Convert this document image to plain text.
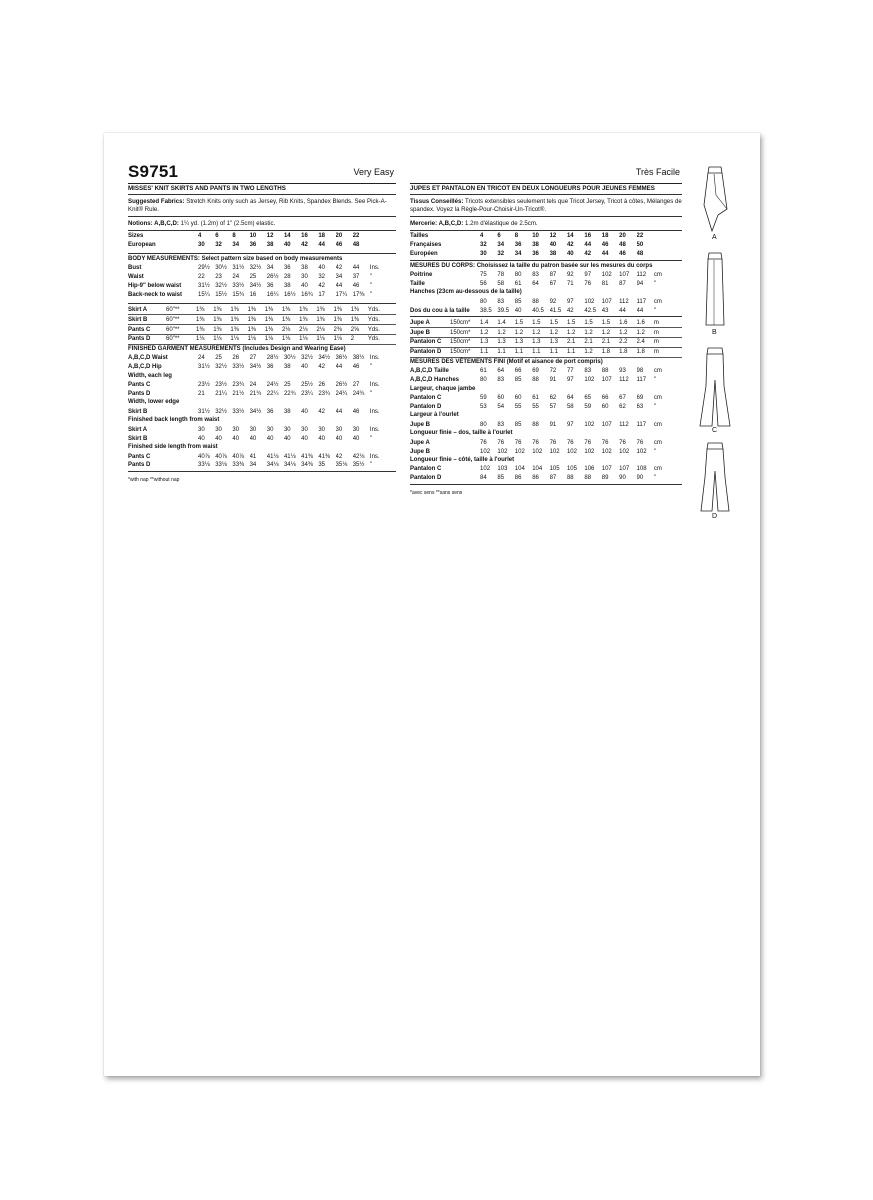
S9751	Very Easy
MISSES' KNIT SKIRTS AND PANTS IN TWO LENGTHS
Suggested Fabrics: Stretch Knits only such as Jersey, Rib Knits, Spandex Blends. See Pick-A-Knit® Rule.
Notions: A,B,C,D: 1¼ yd. (1.2m) of 1" (2.5cm) elastic.
Sizes	4	6	8	10	12	14	16	18	20	22	
European	30	32	34	36	38	40	42	44	46	48	
BODY MEASUREMENTS: Select pattern size based on body measurements
Bust	29½	30½	31½	32½	34	36	38	40	42	44	Ins.
Waist	22	23	24	25	26½	28	30	32	34	37	"
Hip-9" below waist	31½	32½	33½	34½	36	38	40	42	44	46	"
Back-neck to waist	15¼	15½	15¾	16	16¼	16½	16¾	17	17¼	17⅜	"
Skirt A	60"**	1⅜	1⅜	1⅜	1⅜	1⅜	1⅜	1⅜	1⅜	1⅜	1⅜	Yds.
Skirt B	60"**	1⅜	1⅜	1⅜	1⅜	1⅜	1⅜	1⅜	1⅜	1⅜	1⅜	Yds.
Pants C	60"**	1⅜	1⅜	1⅜	1⅜	1⅜	2⅛	2⅛	2⅛	2⅜	2⅝	Yds.
Pants D	60"**	1⅛	1⅛	1⅛	1⅛	1⅛	1⅛	1⅛	1⅛	1⅛	2	Yds.
FINISHED GARMENT MEASUREMENTS (Includes Design and Wearing Ease)
A,B,C,D Waist	24	25	26	27	28½	30½	32½	34½	36½	38½	Ins.
A,B,C,D Hip	31½	32½	33½	34½	36	38	40	42	44	46	"
Width, each leg
Pants C	23½	23½	23¾	24	24½	25	25½	26	26½	27	Ins.
Pants D	21	21¼	21½	21¾	22¼	22¾	23¼	23¾	24¼	24¾	"
Width, lower edge
Skirt B	31½	32½	33½	34½	36	38	40	42	44	46	Ins.
Finished back length from waist
Skirt A	30	30	30	30	30	30	30	30	30	30	Ins.
Skirt B	40	40	40	40	40	40	40	40	40	40	"
Finished side length from waist
Pants C	40⅞	40⅞	40⅞	41	41⅛	41⅛	41⅜	41⅜	42	42⅛	Ins.
Pants D	33⅛	33⅛	33⅜	34	34⅛	34⅛	34⅜	35	35⅛	35½	"
*with nap **without nap
Très Facile
JUPES ET PANTALON EN TRICOT EN DEUX LONGUEURS POUR JEUNES FEMMES
Tissus Conseillés: Tricots extensibles seulement tels que Tricot Jersey, Tricot à côtes, Mélanges de spandex. Voyez la Règle-Pour-Choisir-Un-Tricot®.
Mercerie: A,B,C,D: 1.2m d'élastique de 2.5cm.
Tailles	4	6	8	10	12	14	16	18	20	22	
Françaises	32	34	36	38	40	42	44	46	48	50	
Européen	30	32	34	36	38	40	42	44	46	48	
MESURES DU CORPS: Choisissez la taille du patron basée sur les mesures du corps
Poitrine	75	78	80	83	87	92	97	102	107	112	cm
Taille	56	58	61	64	67	71	76	81	87	94	"
Hanches (23cm au-dessous de la taille)
	80	83	85	88	92	97	102	107	112	117	cm
Dos du cou à la taille	38.5	39.5	40	40.5	41.5	42	42.5	43	44	44	"
Jupe A	150cm*	1.4	1.4	1.5	1.5	1.5	1.5	1.5	1.5	1.6	1.6	m
Jupe B	150cm*	1.2	1.2	1.2	1.2	1.2	1.2	1.2	1.2	1.2	1.2	m
Pantalon C	150cm*	1.3	1.3	1.3	1.3	1.3	2.1	2.1	2.1	2.2	2.4	m
Pantalon D	150cm*	1.1	1.1	1.1	1.1	1.1	1.1	1.2	1.8	1.8	1.8	m
MESURES DES VÊTEMENTS FINI (Motif et aisance de port compris)
A,B,C,D Taille	61	64	66	69	72	77	83	88	93	98	cm
A,B,C,D Hanches	80	83	85	88	91	97	102	107	112	117	"
Largeur, chaque jambe
Pantalon C	59	60	60	61	62	64	65	66	67	69	cm
Pantalon D	53	54	55	55	57	58	59	60	62	63	"
Largeur à l'ourlet
Jupe B	80	83	85	88	91	97	102	107	112	117	cm
Longueur finie – dos, taille à l'ourlet
Jupe A	76	76	76	76	76	76	76	76	76	76	cm
Jupe B	102	102	102	102	102	102	102	102	102	102	"
Longueur finie – côté, taille à l'ourlet
Pantalon C	102	103	104	104	105	105	106	107	107	108	cm
Pantalon D	84	85	86	86	87	88	88	89	90	90	"
*avec sens **sans sens
A
B
C
D
